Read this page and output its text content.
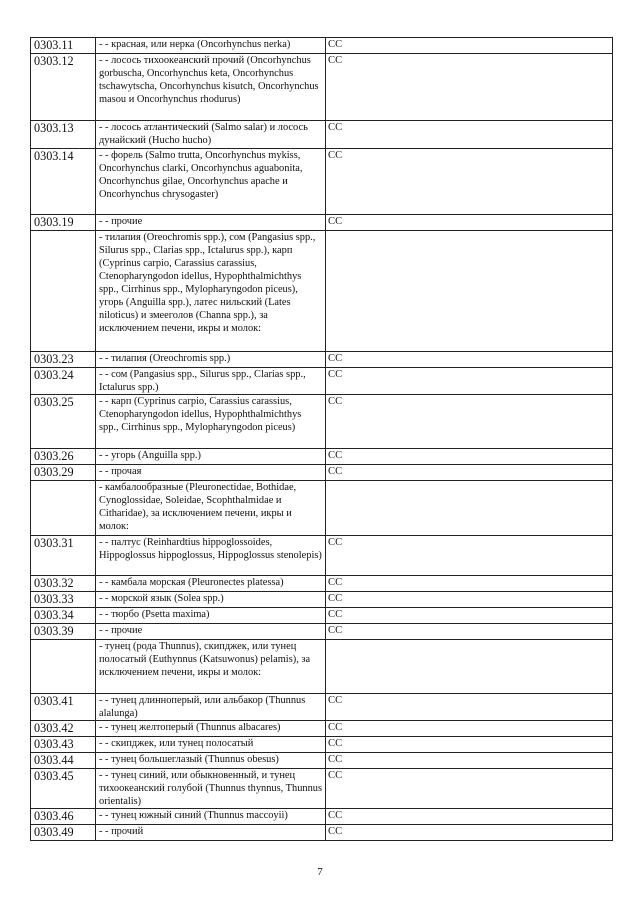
0303.11	- - красная, или нерка (Oncorhynchus nerka)	CC
0303.12	- - лосось тихоокеанский прочий (Oncorhynchus gorbuscha, Oncorhynchus keta, Oncorhynchus tschawytscha, Oncorhynchus kisutch, Oncorhynchus masou и Oncorhynchus rhodurus)	CC
0303.13	- - лосось атлантический (Salmo salar) и лосось дунайский (Hucho hucho)	CC
0303.14	- - форель (Salmo trutta, Oncorhynchus mykiss, Oncorhynchus clarki, Oncorhynchus aguabonita, Oncorhynchus gilae, Oncorhynchus apache и Oncorhynchus chrysogaster)	CC
0303.19	- - прочие	CC
	- тилапия (Oreochromis spp.), сом (Pangasius spp., Silurus spp., Clarias spp., Ictalurus spp.), карп (Cyprinus carpio, Carassius carassius, Ctenopharyngodon idellus, Hypophthalmichthys spp., Cirrhinus spp., Mylopharyngodon piceus), угорь (Anguilla spp.), латес нильский (Lates niloticus) и змееголов (Channa spp.), за исключением печени, икры и молок:	
0303.23	- - тилапия (Oreochromis spp.)	CC
0303.24	- - сом (Pangasius spp., Silurus spp., Clarias spp., Ictalurus spp.)	CC
0303.25	- - карп (Cyprinus carpio, Carassius carassius, Ctenopharyngodon idellus, Hypophthalmichthys spp., Cirrhinus spp., Mylopharyngodon piceus)	CC
0303.26	- - угорь (Anguilla spp.)	CC
0303.29	- - прочая	CC
	- камбалообразные (Pleuronectidae, Bothidae, Cynoglossidae, Soleidae, Scophthalmidae и Citharidae), за исключением печени, икры и молок:	
0303.31	- - палтус (Reinhardtius hippoglossoides, Hippoglossus hippoglossus, Hippoglossus stenolepis)	CC
0303.32	- - камбала морская (Pleuronectes platessa)	CC
0303.33	- - морской язык (Solea spp.)	CC
0303.34	- - тюрбо (Psetta maxima)	CC
0303.39	- - прочие	CC
	- тунец (рода Thunnus), скипджек, или тунец полосатый (Euthynnus (Katsuwonus) pelamis), за исключением печени, икры и молок:	
0303.41	- - тунец длинноперый, или альбакор (Thunnus alalunga)	CC
0303.42	- - тунец желтоперый (Thunnus albacares)	CC
0303.43	- - скипджек, или тунец полосатый	CC
0303.44	- - тунец большеглазый (Thunnus obesus)	CC
0303.45	- - тунец синий, или обыкновенный, и тунец тихоокеанский голубой (Thunnus thynnus, Thunnus orientalis)	CC
0303.46	- - тунец южный синий (Thunnus maccoyii)	CC
0303.49	- - прочий	CC
7
